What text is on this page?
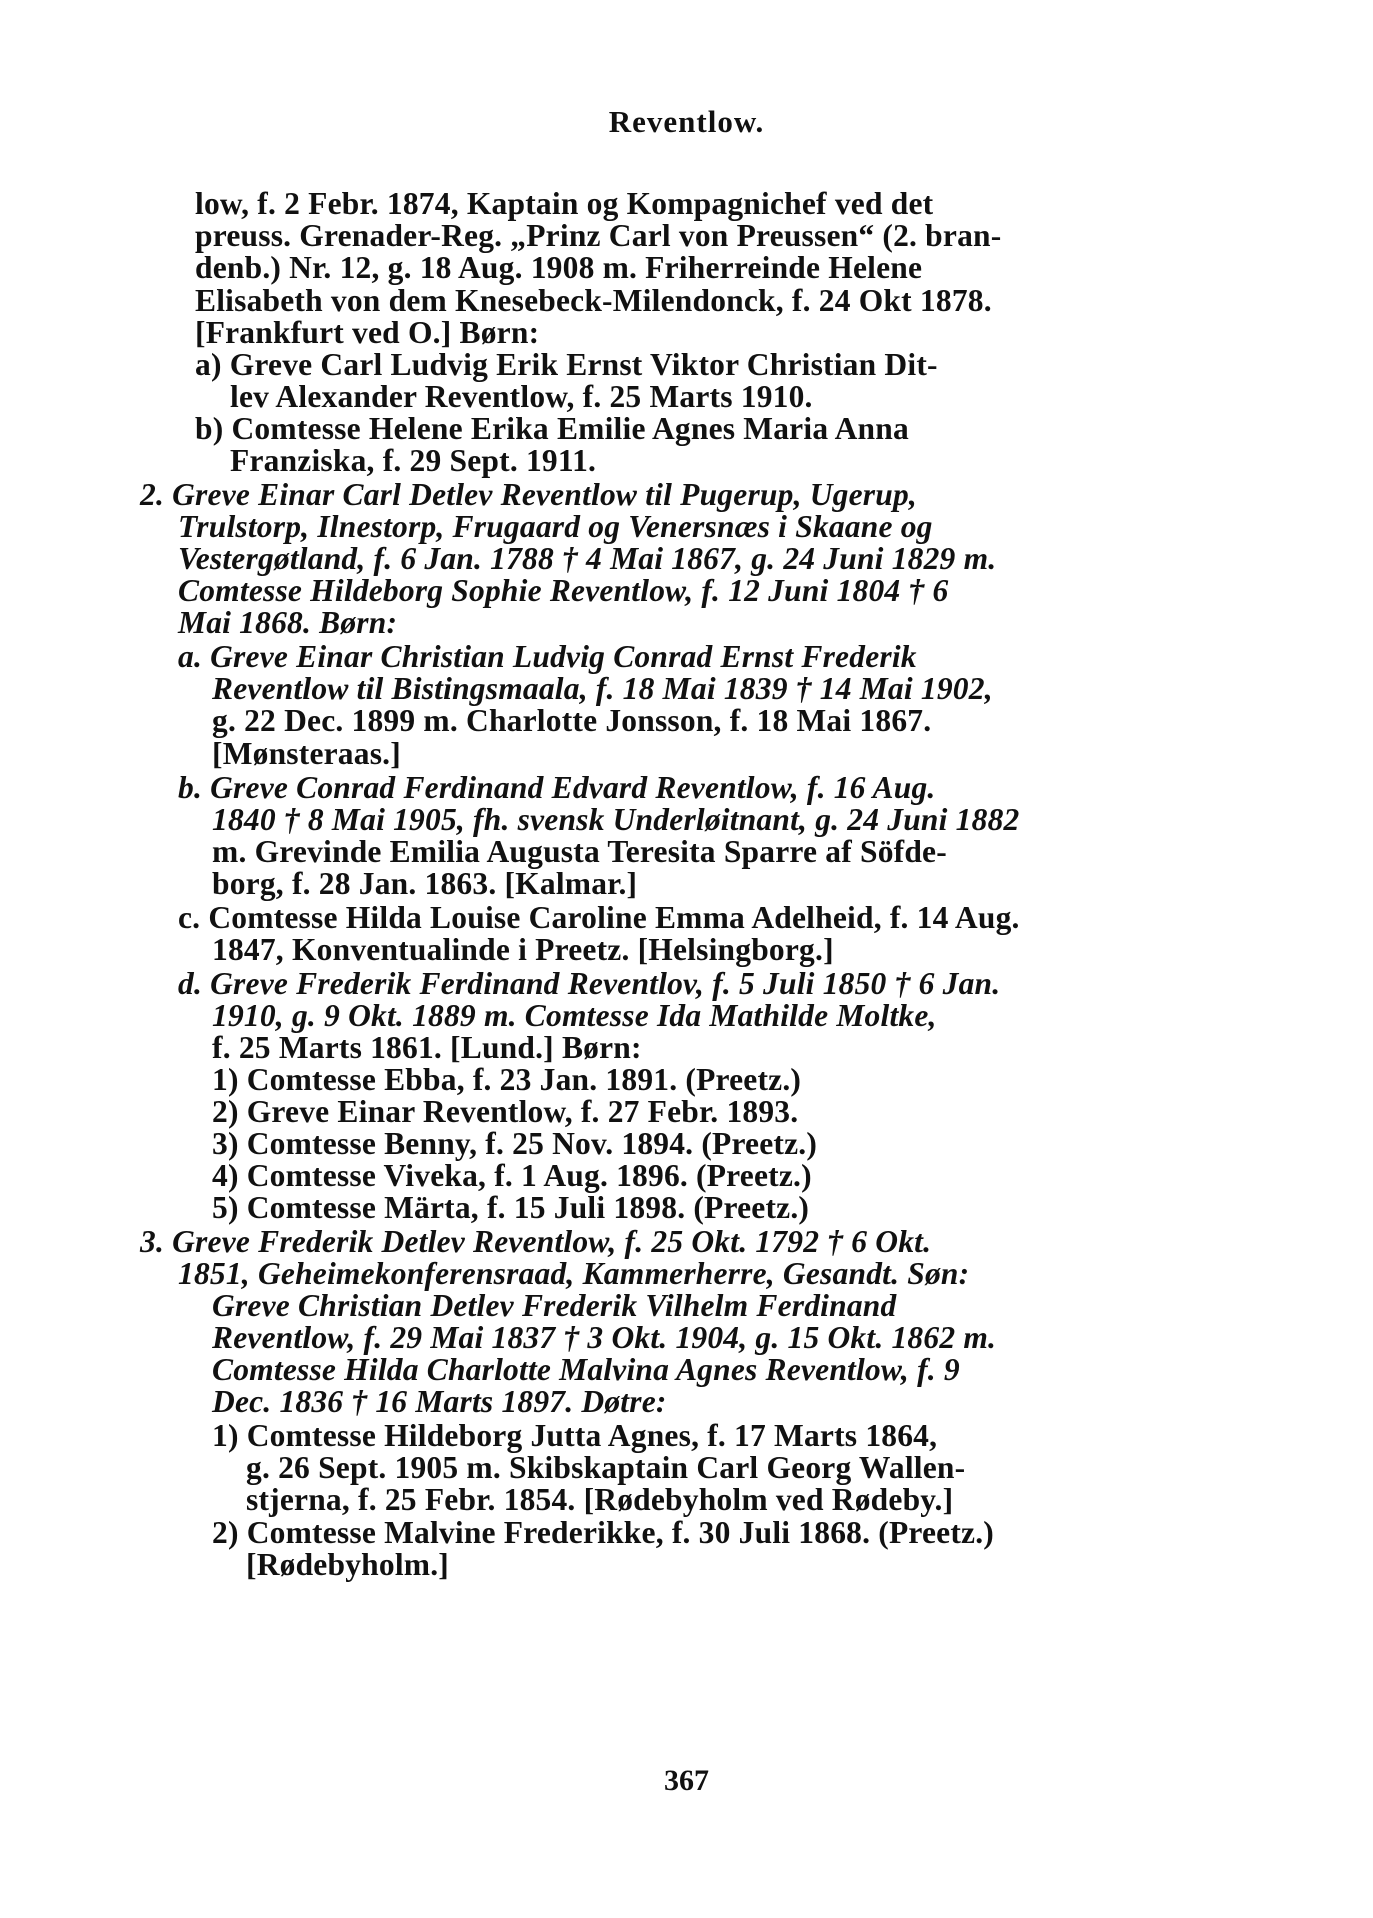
Reventlow.
low, f. 2 Febr. 1874, Kaptain og Kompagnichef ved det
preuss. Grenader-Reg. „Prinz Carl von Preussen“ (2. bran-
denb.) Nr. 12, g. 18 Aug. 1908 m. Friherreinde Helene
Elisabeth von dem Knesebeck-Milendonck, f. 24 Okt 1878.
[Frankfurt ved O.] Børn:
a) Greve Carl Ludvig Erik Ernst Viktor Christian Dit-
lev Alexander Reventlow, f. 25 Marts 1910.
b) Comtesse Helene Erika Emilie Agnes Maria Anna
Franziska, f. 29 Sept. 1911.
2. Greve Einar Carl Detlev Reventlow til Pugerup, Ugerup,
Trulstorp, Ilnestorp, Frugaard og Venersnæs i Skaane og
Vestergøtland, f. 6 Jan. 1788 † 4 Mai 1867, g. 24 Juni 1829 m.
Comtesse Hildeborg Sophie Reventlow, f. 12 Juni 1804 † 6
Mai 1868. Børn:
a. Greve Einar Christian Ludvig Conrad Ernst Frederik
Reventlow til Bistingsmaala, f. 18 Mai 1839 † 14 Mai 1902,
g. 22 Dec. 1899 m. Charlotte Jonsson, f. 18 Mai 1867.
[Mønsteraas.]
b. Greve Conrad Ferdinand Edvard Reventlow, f. 16 Aug.
1840 † 8 Mai 1905, fh. svensk Underløitnant, g. 24 Juni 1882
m. Grevinde Emilia Augusta Teresita Sparre af Söfde-
borg, f. 28 Jan. 1863. [Kalmar.]
c. Comtesse Hilda Louise Caroline Emma Adelheid, f. 14 Aug.
1847, Konventualinde i Preetz. [Helsingborg.]
d. Greve Frederik Ferdinand Reventlov, f. 5 Juli 1850 † 6 Jan.
1910, g. 9 Okt. 1889 m. Comtesse Ida Mathilde Moltke,
f. 25 Marts 1861. [Lund.] Børn:
1) Comtesse Ebba, f. 23 Jan. 1891. (Preetz.)
2) Greve Einar Reventlow, f. 27 Febr. 1893.
3) Comtesse Benny, f. 25 Nov. 1894. (Preetz.)
4) Comtesse Viveka, f. 1 Aug. 1896. (Preetz.)
5) Comtesse Märta, f. 15 Juli 1898. (Preetz.)
3. Greve Frederik Detlev Reventlow, f. 25 Okt. 1792 † 6 Okt.
1851, Geheimekonferensraad, Kammerherre, Gesandt. Søn:
Greve Christian Detlev Frederik Vilhelm Ferdinand
Reventlow, f. 29 Mai 1837 † 3 Okt. 1904, g. 15 Okt. 1862 m.
Comtesse Hilda Charlotte Malvina Agnes Reventlow, f. 9
Dec. 1836 † 16 Marts 1897. Døtre:
1) Comtesse Hildeborg Jutta Agnes, f. 17 Marts 1864,
g. 26 Sept. 1905 m. Skibskaptain Carl Georg Wallen-
stjerna, f. 25 Febr. 1854. [Rødebyholm ved Rødeby.]
2) Comtesse Malvine Frederikke, f. 30 Juli 1868. (Preetz.)
[Rødebyholm.]
367
